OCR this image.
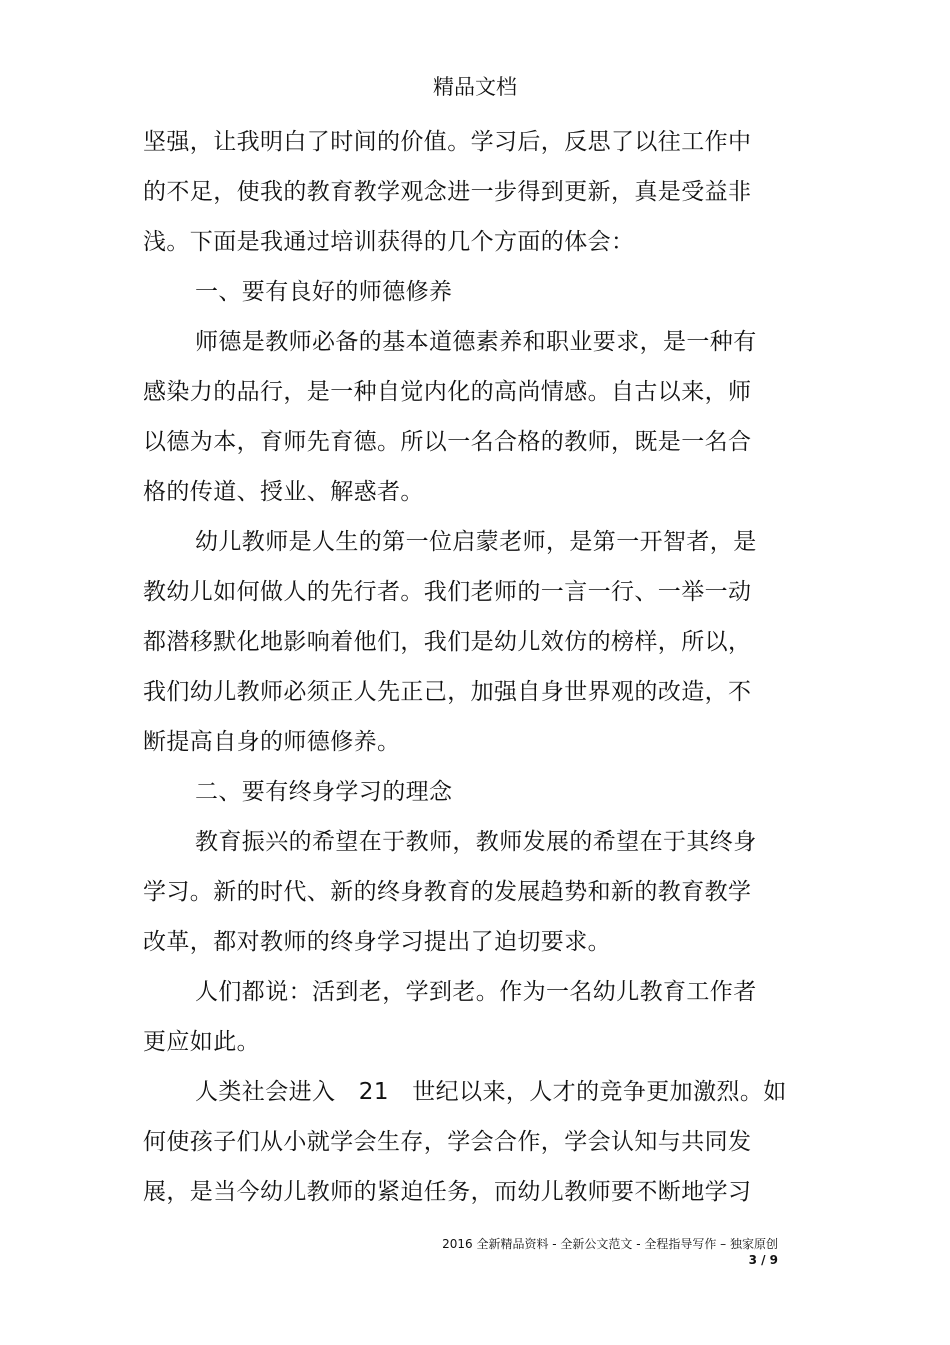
精品文档
坚强，让我明白了时间的价值。学习后，反思了以往工作中
的不足，使我的教育教学观念进一步得到更新，真是受益非
浅。下面是我通过培训获得的几个方面的体会：
一、要有良好的师德修养
师德是教师必备的基本道德素养和职业要求，是一种有
感染力的品行，是一种自觉内化的高尚情感。自古以来，师
以德为本，育师先育德。所以一名合格的教师，既是一名合
格的传道、授业、解惑者。
幼儿教师是人生的第一位启蒙老师，是第一开智者，是
教幼儿如何做人的先行者。我们老师的一言一行、一举一动
都潜移默化地影响着他们，我们是幼儿效仿的榜样，所以，
我们幼儿教师必须正人先正己，加强自身世界观的改造，不
断提高自身的师德修养。
二、要有终身学习的理念
教育振兴的希望在于教师，教师发展的希望在于其终身
学习。新的时代、新的终身教育的发展趋势和新的教育教学
改革，都对教师的终身学习提出了迫切要求。
人们都说：活到老，学到老。作为一名幼儿教育工作者
更应如此。
人类社会进入　21　世纪以来，人才的竞争更加激烈。如
何使孩子们从小就学会生存，学会合作，学会认知与共同发
展，是当今幼儿教师的紧迫任务，而幼儿教师要不断地学习
2016 全新精品资料 - 全新公文范文 - 全程指导写作 – 独家原创
3 / 9
